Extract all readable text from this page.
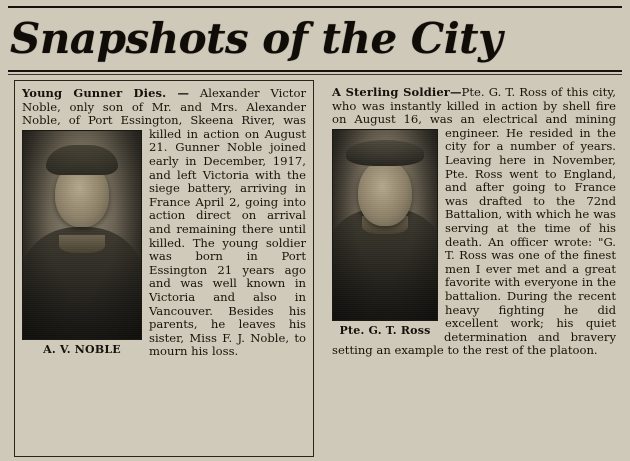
Snapshots of the City
Young Gunner Dies. — Alexander Victor Noble, only son of Mr. and Mrs. Alexander Noble, of Port Essington, Skeena River, was killed in action on
A. V. NOBLE
August 21. Gunner Noble joined early in December, 1917, and left Victoria with the siege battery, arriving in France April 2, going into action direct on arrival and remaining there until killed. The young soldier was born in Port Essington 21 years ago and was well known in Victoria and also in Vancouver. Besides his parents, he leaves his sister, Miss F. J. Noble, to mourn his loss.
A Sterling Soldier—Pte. G. T. Ross of this city, who was instantly killed in action by shell fire on August 16, was an electrical and mining engineer.
Pte. G. T. Ross
He resided in the city for a number of years. Leaving here in November, Pte. Ross went to England, and after going to France was drafted to the 72nd Battalion, with which he was serving at the time of his death. An officer wrote: "G. T. Ross was one of the finest men I ever met and a great favorite with everyone in the battalion. During the recent heavy fighting he did excellent work; his quiet determination and bravery setting an example to the rest of the platoon.
